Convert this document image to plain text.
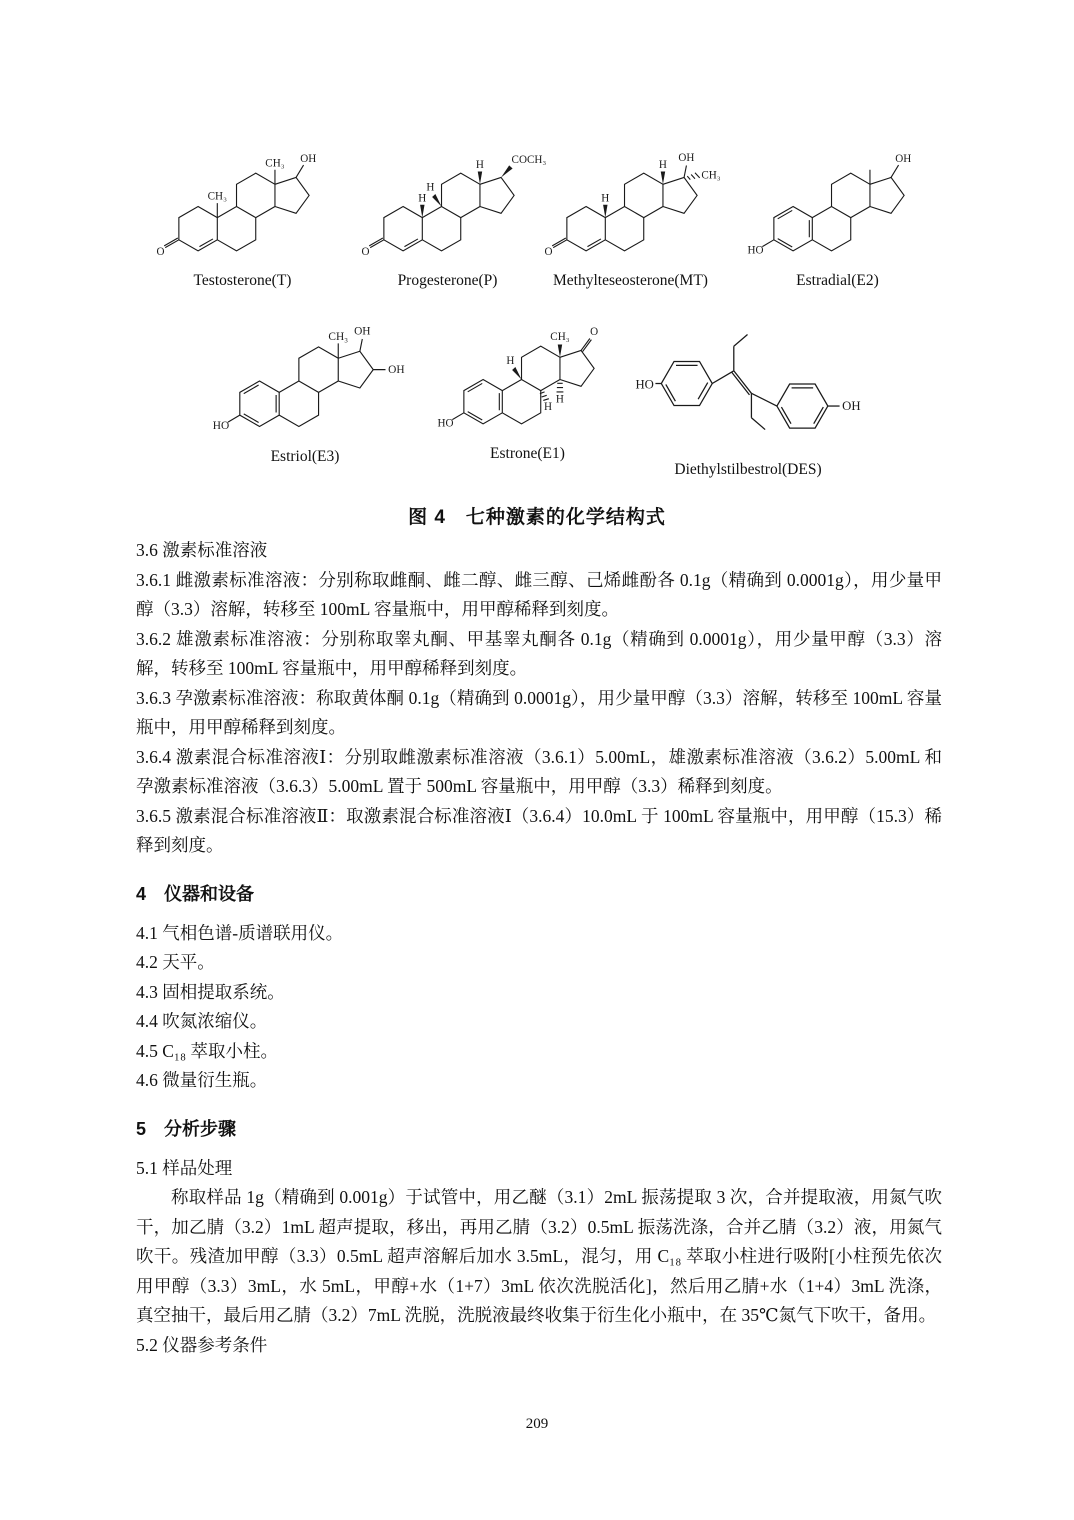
O
CH₃
CH₃ OH

Testosterone(T)

O
H
H
H COCH₃

Progesterone(P)

O
H
H
OH
CH₃

Methylteseosterone(MT)

HO
OH

Estradial(E2)

HO
CH₃ OH
OH

Estriol(E3)

HO
CH₃ O
H
H
H

Estrone(E1)

HO
OH

Diethylstilbestrol(DES)

图 4　七种激素的化学结构式

3.6 激素标准溶液

3.6.1 雌激素标准溶液：分别称取雌酮、雌二醇、雌三醇、己烯雌酚各 0.1g（精确到 0.0001g），用少量甲醇（3.3）溶解，转移至 100mL 容量瓶中，用甲醇稀释到刻度。

3.6.2 雄激素标准溶液：分别称取睾丸酮、甲基睾丸酮各 0.1g（精确到 0.0001g），用少量甲醇（3.3）溶解，转移至 100mL 容量瓶中，用甲醇稀释到刻度。

3.6.3 孕激素标准溶液：称取黄体酮 0.1g（精确到 0.0001g），用少量甲醇（3.3）溶解，转移至 100mL 容量瓶中，用甲醇稀释到刻度。

3.6.4 激素混合标准溶液Ⅰ：分别取雌激素标准溶液（3.6.1）5.00mL，雄激素标准溶液（3.6.2）5.00mL 和孕激素标准溶液（3.6.3）5.00mL 置于 500mL 容量瓶中，用甲醇（3.3）稀释到刻度。

3.6.5 激素混合标准溶液Ⅱ：取激素混合标准溶液Ⅰ（3.6.4）10.0mL 于 100mL 容量瓶中，用甲醇（15.3）稀释到刻度。

4　仪器和设备

4.1 气相色谱-质谱联用仪。

4.2 天平。

4.3 固相提取系统。

4.4 吹氮浓缩仪。

4.5 C₁₈ 萃取小柱。

4.6 微量衍生瓶。

5　分析步骤

5.1 样品处理

称取样品 1g（精确到 0.001g）于试管中，用乙醚（3.1）2mL 振荡提取 3 次，合并提取液，用氮气吹干，加乙腈（3.2）1mL 超声提取，移出，再用乙腈（3.2）0.5mL 振荡洗涤，合并乙腈（3.2）液，用氮气吹干。残渣加甲醇（3.3）0.5mL 超声溶解后加水 3.5mL，混匀，用 C₁₈ 萃取小柱进行吸附[小柱预先依次用甲醇（3.3）3mL，水 5mL，甲醇+水（1+7）3mL 依次洗脱活化]，然后用乙腈+水（1+4）3mL 洗涤，真空抽干，最后用乙腈（3.2）7mL 洗脱，洗脱液最终收集于衍生化小瓶中，在 35℃氮气下吹干，备用。

5.2 仪器参考条件

209
